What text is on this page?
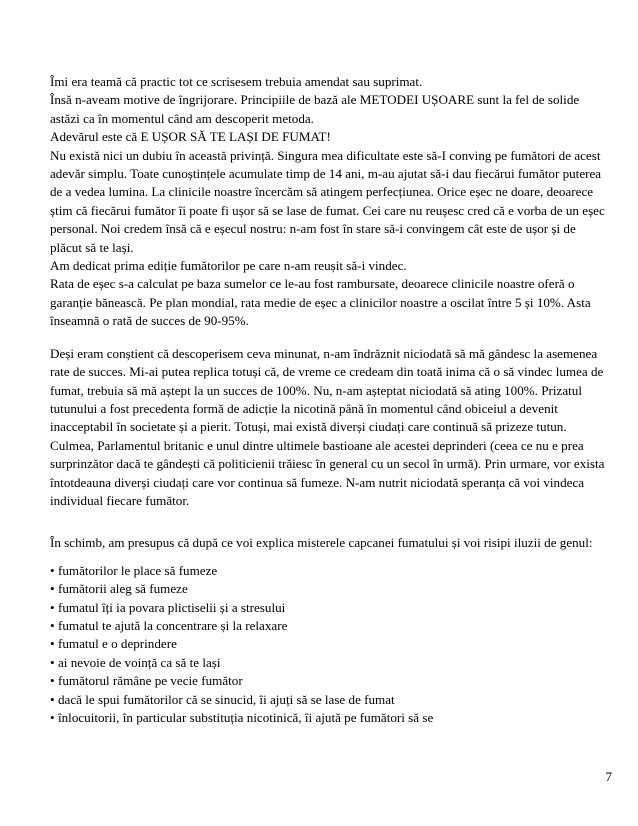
Îmi era teamă că practic tot ce scrisesem trebuia amendat sau suprimat.

Însă n-aveam motive de îngrijorare. Principiile de bază ale METODEI UȘOARE sunt la fel de solide astăzi ca în momentul când am descoperit metoda.

Adevărul este că E UȘOR SĂ TE LAȘI DE FUMAT!

Nu există nici un dubiu în această privință. Singura mea dificultate este să-I conving pe fumători de acest adevăr simplu. Toate cunoștințele acumulate timp de 14 ani, m-au ajutat să-i dau fiecărui fumător puterea de a vedea lumina. La clinicile noastre încercăm să atingem perfecțiunea. Orice eșec ne doare, deoarece știm că fiecărui fumător îi poate fi ușor să se lase de fumat. Cei care nu reușesc cred că e vorba de un eșec personal. Noi credem însă că e eșecul nostru: n-am fost în stare să-i convingem cât este de ușor și de plăcut să te lași.

Am dedicat prima ediție fumătorilor pe care n-am reușit să-i vindec.

Rata de eșec s-a calculat pe baza sumelor ce le-au fost rambursate, deoarece clinicile noastre oferă o garanție bănească. Pe plan mondial, rata medie de eșec a clinicilor noastre a oscilat între 5 și 10%. Asta înseamnă o rată de succes de 90-95%.

Deși eram conștient că descoperisem ceva minunat, n-am îndrăznit niciodată să mă gândesc la asemenea rate de succes. Mi-ai putea replica totuși că, de vreme ce credeam din toată inima că o să vindec lumea de fumat, trebuia să mă aștept la un succes de 100%. Nu, n-am așteptat niciodată să ating 100%. Prizatul tutunului a fost precedenta formă de adicție la nicotină până în momentul când obiceiul a devenit inacceptabil în societate și a pierit. Totuși, mai există diverși ciudați care continuă să prizeze tutun. Culmea, Parlamentul britanic e unul dintre ultimele bastioane ale acestei deprinderi (ceea ce nu e prea surprinzător dacă te gândești că politicienii trăiesc în general cu un secol în urmă). Prin urmare, vor exista întotdeauna diverși ciudați care vor continua să fumeze. N-am nutrit niciodată speranța că voi vindeca individual fiecare fumător.

În schimb, am presupus că după ce voi explica misterele capcanei fumatului și voi risipi iluzii de genul:

• fumătorilor le place să fumeze
• fumătorii aleg să fumeze
• fumatul îți ia povara plictiselii și a stresului
• fumatul te ajută la concentrare și la relaxare
• fumatul e o deprindere
• ai nevoie de voință ca să te lași
• fumătorul rămâne pe vecie fumător
• dacă le spui fumătorilor că se sinucid, îi ajuți să se lase de fumat
• înlocuitorii, în particular substituția nicotinică, îi ajută pe fumători să se
7
